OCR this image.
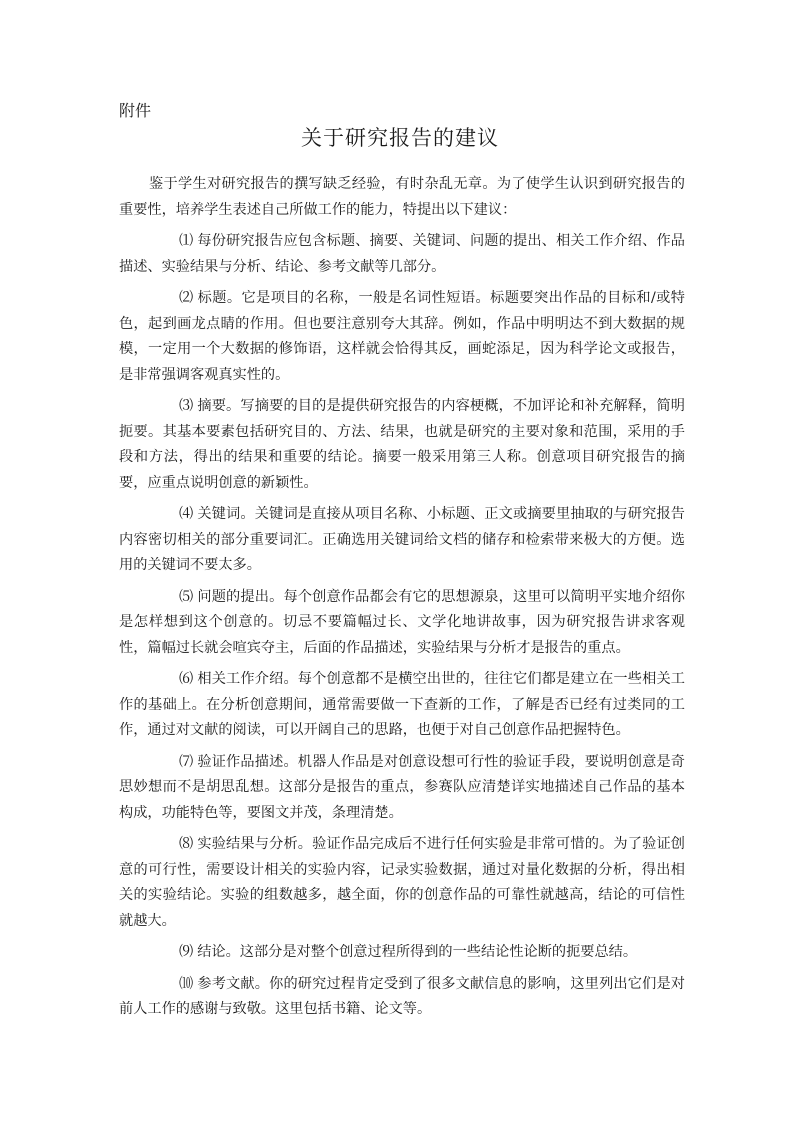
附件
关于研究报告的建议

鉴于学生对研究报告的撰写缺乏经验，有时杂乱无章。为了使学生认识到研究报告的重要性，培养学生表述自己所做工作的能力，特提出以下建议：

⑴ 每份研究报告应包含标题、摘要、关键词、问题的提出、相关工作介绍、作品描述、实验结果与分析、结论、参考文献等几部分。

⑵ 标题。它是项目的名称，一般是名词性短语。标题要突出作品的目标和/或特色，起到画龙点睛的作用。但也要注意别夸大其辞。例如，作品中明明达不到大数据的规模，一定用一个大数据的修饰语，这样就会恰得其反，画蛇添足，因为科学论文或报告，是非常强调客观真实性的。

⑶ 摘要。写摘要的目的是提供研究报告的内容梗概，不加评论和补充解释，简明扼要。其基本要素包括研究目的、方法、结果，也就是研究的主要对象和范围，采用的手段和方法，得出的结果和重要的结论。摘要一般采用第三人称。创意项目研究报告的摘要，应重点说明创意的新颖性。

⑷ 关键词。关键词是直接从项目名称、小标题、正文或摘要里抽取的与研究报告内容密切相关的部分重要词汇。正确选用关键词给文档的储存和检索带来极大的方便。选用的关键词不要太多。

⑸ 问题的提出。每个创意作品都会有它的思想源泉，这里可以简明平实地介绍你是怎样想到这个创意的。切忌不要篇幅过长、文学化地讲故事，因为研究报告讲求客观性，篇幅过长就会喧宾夺主，后面的作品描述，实验结果与分析才是报告的重点。

⑹ 相关工作介绍。每个创意都不是横空出世的，往往它们都是建立在一些相关工作的基础上。在分析创意期间，通常需要做一下查新的工作，了解是否已经有过类同的工作，通过对文献的阅读，可以开阔自己的思路，也便于对自己创意作品把握特色。

⑺ 验证作品描述。机器人作品是对创意设想可行性的验证手段，要说明创意是奇思妙想而不是胡思乱想。这部分是报告的重点，参赛队应清楚详实地描述自己作品的基本构成，功能特色等，要图文并茂，条理清楚。

⑻ 实验结果与分析。验证作品完成后不进行任何实验是非常可惜的。为了验证创意的可行性，需要设计相关的实验内容，记录实验数据，通过对量化数据的分析，得出相关的实验结论。实验的组数越多，越全面，你的创意作品的可靠性就越高，结论的可信性就越大。

⑼ 结论。这部分是对整个创意过程所得到的一些结论性论断的扼要总结。

⑽ 参考文献。你的研究过程肯定受到了很多文献信息的影响，这里列出它们是对前人工作的感谢与致敬。这里包括书籍、论文等。
